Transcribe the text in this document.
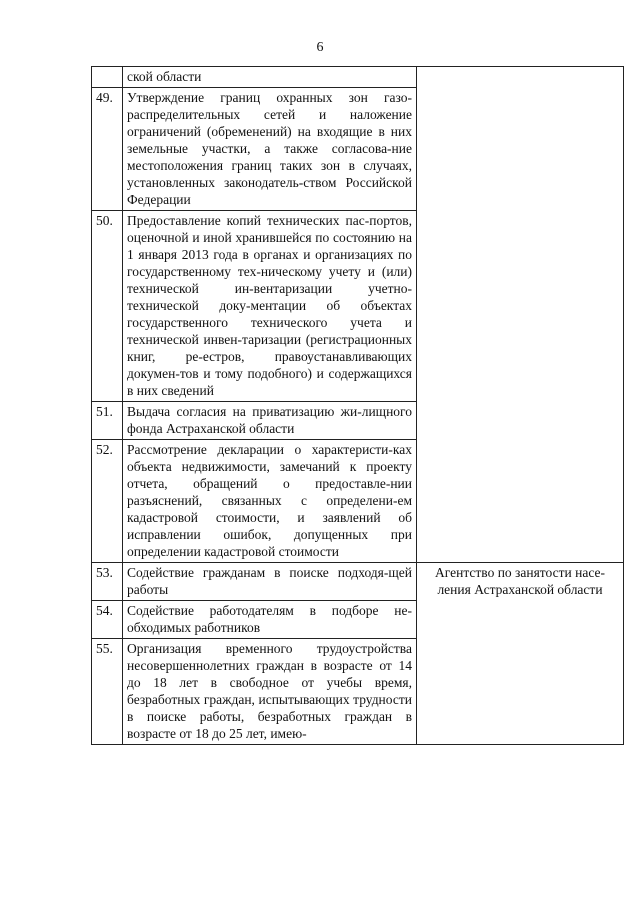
6

	ской области	

49.	Утверждение границ охранных зон газо-распределительных сетей и наложение ограничений (обременений) на входящие в них земельные участки, а также согласова-ние местоположения границ таких зон в случаях, установленных законодатель-ством Российской Федерации	

50.	Предоставление копий технических пас-портов, оценочной и иной хранившейся по состоянию на 1 января 2013 года в органах и организациях по государственному тех-ническому учету и (или) технической ин-вентаризации учетно-технической доку-ментации об объектах государственного технического учета и технической инвен-таризации (регистрационных книг, ре-естров, правоустанавливающих докумен-тов и тому подобного) и содержащихся в них сведений	

51.	Выдача согласия на приватизацию жи-лищного фонда Астраханской области	

52.	Рассмотрение декларации о характеристи-ках объекта недвижимости, замечаний к проекту отчета, обращений о предоставле-нии разъяснений, связанных с определени-ем кадастровой стоимости, и заявлений об исправлении ошибок, допущенных при определении кадастровой стоимости	

53.	Содействие гражданам в поиске подходя-щей работы	Агентство по занятости насе-ления Астраханской области
54.	Содействие работодателям в подборе не-обходимых работников	

55.	Организация временного трудоустройства несовершеннолетних граждан в возрасте от 14 до 18 лет в свободное от учебы время, безработных граждан, испытывающих трудности в поиске работы, безработных граждан в возрасте от 18 до 25 лет, имею-	
